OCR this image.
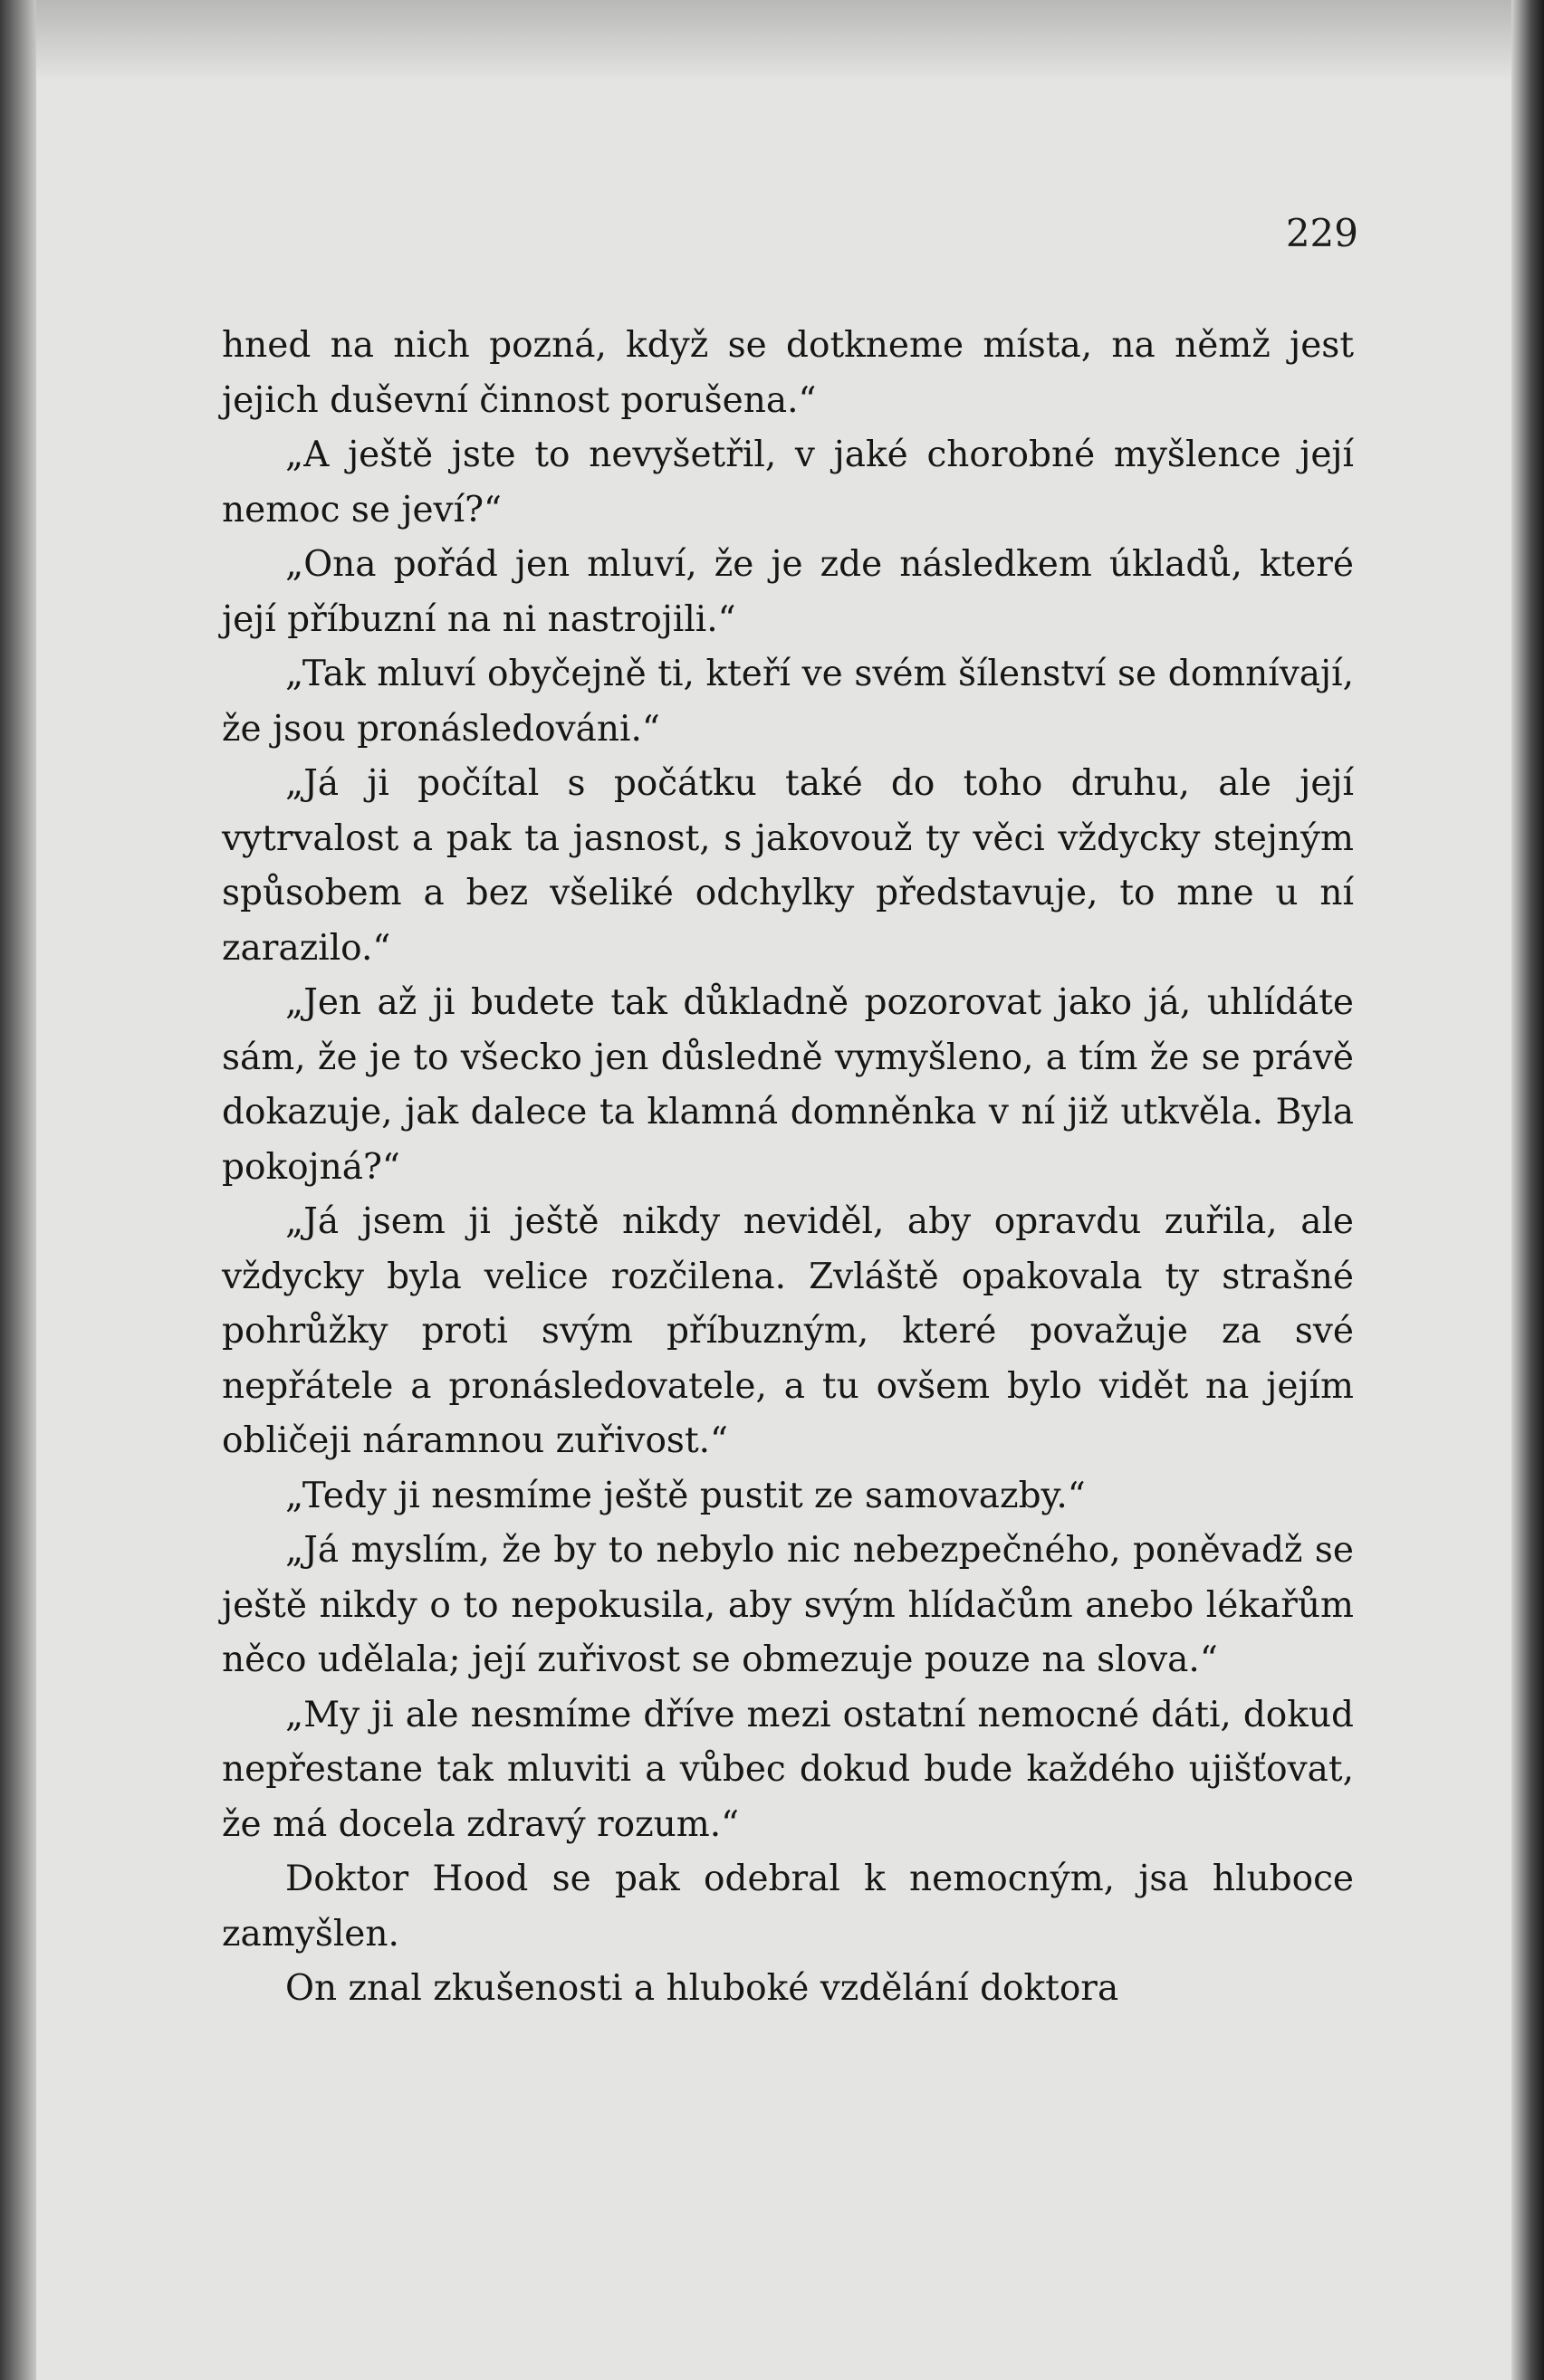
229

hned na nich pozná, když se dotkneme místa, na němž jest jejich duševní činnost porušena.“

„A ještě jste to nevyšetřil, v jaké chorobné myšlence její nemoc se jeví?“

„Ona pořád jen mluví, že je zde následkem úkladů, které její příbuzní na ni nastrojili.“

„Tak mluví obyčejně ti, kteří ve svém šílenství se domnívají, že jsou pronásledováni.“

„Já ji počítal s počátku také do toho druhu, ale její vytrvalost a pak ta jasnost, s jakovouž ty věci vždycky stejným spůsobem a bez všeliké odchylky představuje, to mne u ní zarazilo.“

„Jen až ji budete tak důkladně pozorovat jako já, uhlídáte sám, že je to všecko jen důsledně vymyšleno, a tím že se právě dokazuje, jak dalece ta klamná domněnka v ní již utkvěla. Byla pokojná?“

„Já jsem ji ještě nikdy neviděl, aby opravdu zuřila, ale vždycky byla velice rozčilena. Zvláště opakovala ty strašné pohrůžky proti svým příbuzným, které považuje za své nepřátele a pronásledovatele, a tu ovšem bylo vidět na jejím obličeji náramnou zuřivost.“

„Tedy ji nesmíme ještě pustit ze samovazby.“

„Já myslím, že by to nebylo nic nebezpečného, poněvadž se ještě nikdy o to nepokusila, aby svým hlídačům anebo lékařům něco udělala; její zuřivost se obmezuje pouze na slova.“

„My ji ale nesmíme dříve mezi ostatní nemocné dáti, dokud nepřestane tak mluviti a vůbec dokud bude každého ujišťovat, že má docela zdravý rozum.“

Doktor Hood se pak odebral k nemocným, jsa hluboce zamyšlen.

On znal zkušenosti a hluboké vzdělání doktora
